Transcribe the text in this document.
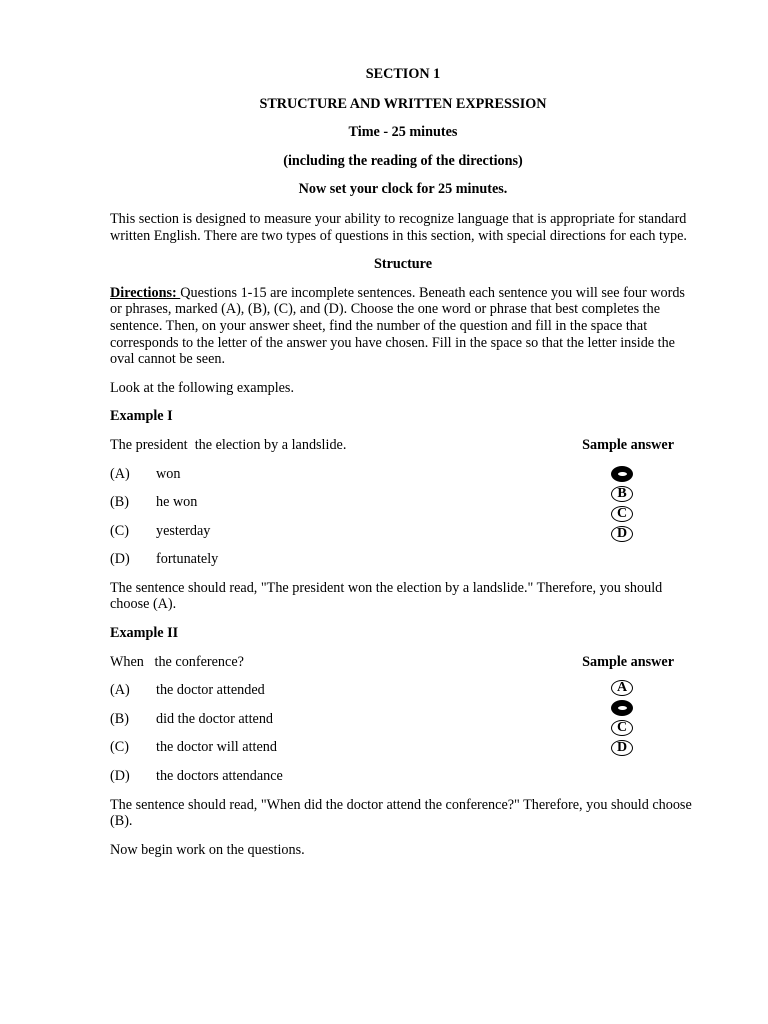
SECTION 1
STRUCTURE AND WRITTEN EXPRESSION
Time - 25 minutes
(including the reading of the directions)
Now set your clock for 25 minutes.

This section is designed to measure your ability to recognize language that is appropriate for standard written English. There are two types of questions in this section, with special directions for each type.

Structure

Directions: Questions 1-15 are incomplete sentences. Beneath each sentence you will see four words or phrases, marked (A), (B), (C), and (D). Choose the one word or phrase that best completes the sentence. Then, on your answer sheet, find the number of the question and fill in the space that corresponds to the letter of the answer you have chosen. Fill in the space so that the letter inside the oval cannot be seen.

Look at the following examples.

Example I
The president  the election by a landslide.	Sample answer
B
C
D
(A)	won
(B)	he won
(C)	yesterday
(D)	fortunately

The sentence should read, "The president won the election by a landslide." Therefore, you should choose (A).

Example II
When   the conference?	Sample answer
A
C
D
(A)	the doctor attended
(B)	did the doctor attend
(C)	the doctor will attend
(D)	the doctors attendance

The sentence should read, "When did the doctor attend the conference?" Therefore, you should choose (B).

Now begin work on the questions.
